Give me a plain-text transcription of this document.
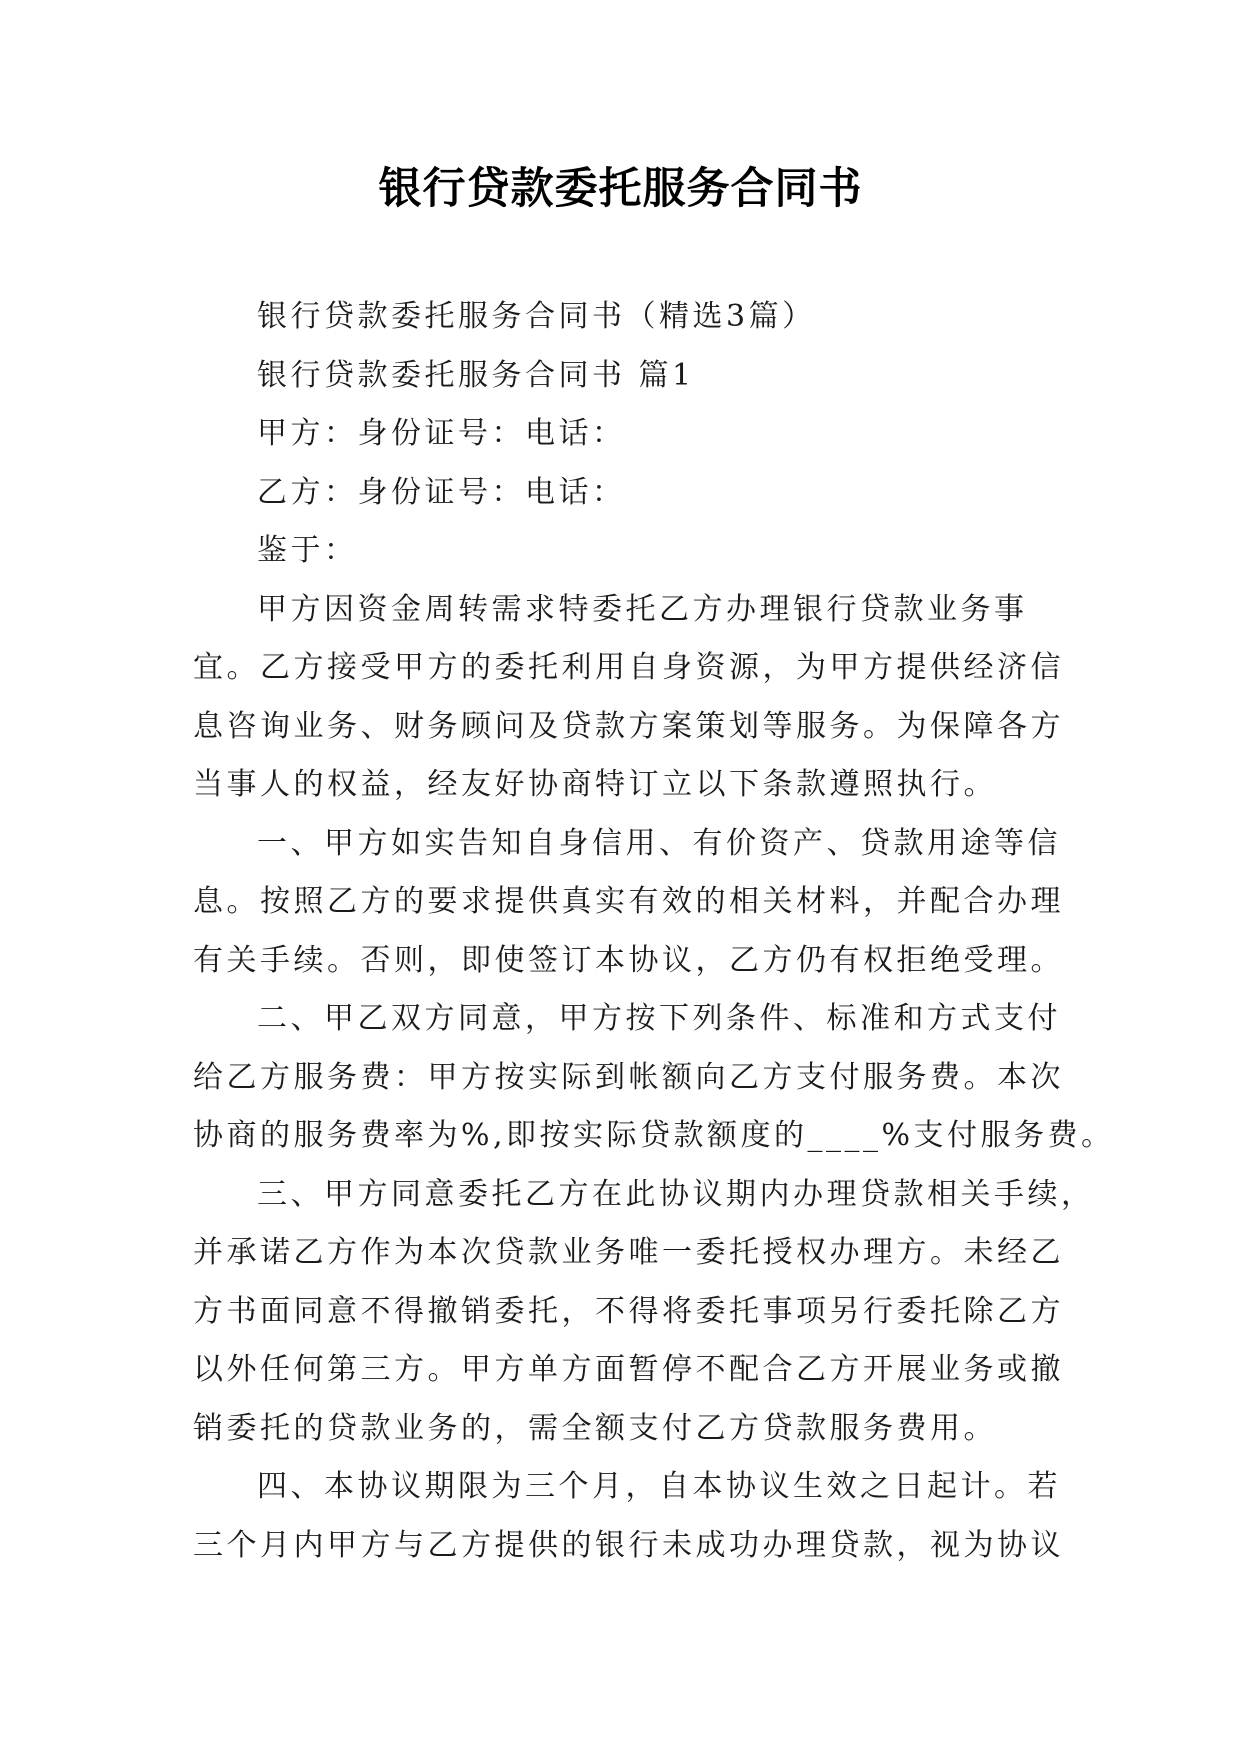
银行贷款委托服务合同书
银行贷款委托服务合同书（精选3篇）
银行贷款委托服务合同书 篇1
甲方：身份证号：电话：
乙方：身份证号：电话：
鉴于：
甲方因资金周转需求特委托乙方办理银行贷款业务事
宜。乙方接受甲方的委托利用自身资源，为甲方提供经济信
息咨询业务、财务顾问及贷款方案策划等服务。为保障各方
当事人的权益，经友好协商特订立以下条款遵照执行。
一、甲方如实告知自身信用、有价资产、贷款用途等信
息。按照乙方的要求提供真实有效的相关材料，并配合办理
有关手续。否则，即使签订本协议，乙方仍有权拒绝受理。
二、甲乙双方同意，甲方按下列条件、标准和方式支付
给乙方服务费：甲方按实际到帐额向乙方支付服务费。本次
协商的服务费率为%,即按实际贷款额度的____%支付服务费。
三、甲方同意委托乙方在此协议期内办理贷款相关手续，
并承诺乙方作为本次贷款业务唯一委托授权办理方。未经乙
方书面同意不得撤销委托，不得将委托事项另行委托除乙方
以外任何第三方。甲方单方面暂停不配合乙方开展业务或撤
销委托的贷款业务的，需全额支付乙方贷款服务费用。
四、本协议期限为三个月，自本协议生效之日起计。若
三个月内甲方与乙方提供的银行未成功办理贷款，视为协议
